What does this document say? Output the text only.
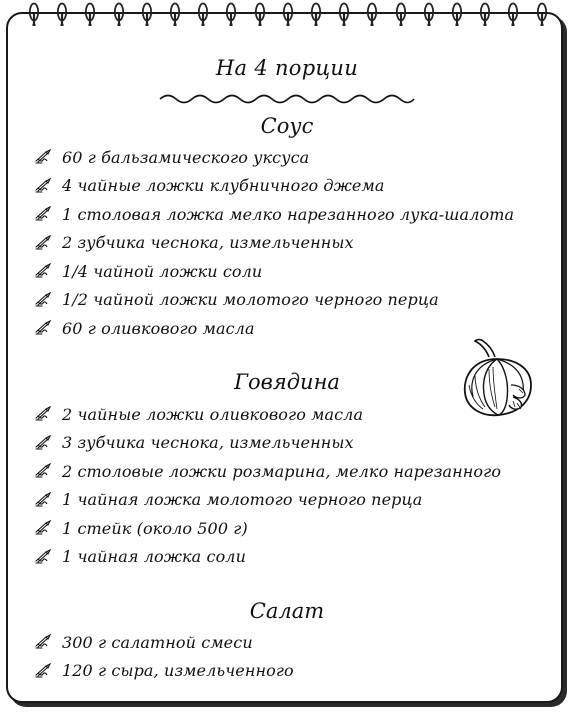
На 4 порции
Соус
60 г бальзамического уксуса
4 чайные ложки клубничного джема
1 столовая ложка мелко нарезанного лука-шалота
2 зубчика чеснока, измельченных
1/4 чайной ложки соли
1/2 чайной ложки молотого черного перца
60 г оливкового масла
Говядина
2 чайные ложки оливкового масла
3 зубчика чеснока, измельченных
2 столовые ложки розмарина, мелко нарезанного
1 чайная ложка молотого черного перца
1 стейк (около 500 г)
1 чайная ложка соли
Салат
300 г салатной смеси
120 г сыра, измельченного
